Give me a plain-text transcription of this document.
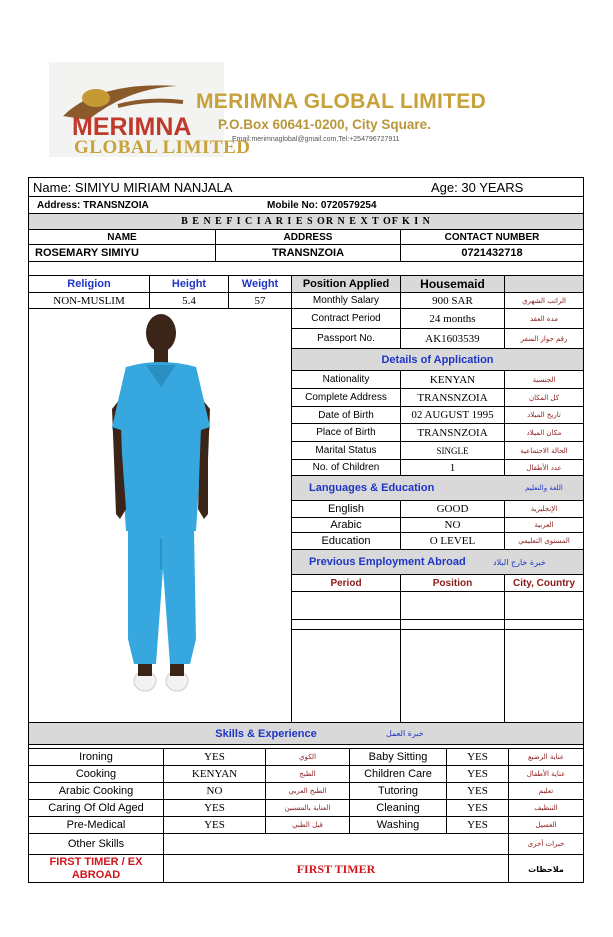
MERIMNA
GLOBAL LIMITED
MERIMNA GLOBAL LIMITED
P.O.Box 60641-0200, City Square.
Email:merimnaglobal@gmail.com,Tel:+254796727911
Name:
SIMIYU MIRIAM NANJALA	Age:
30 YEARS
Address:
TRANSNZOIA	Mobile No:
0720579254
B E N E F I C I A R I E S OR N E X T OF K I N
NAME	ADDRESS	CONTACT NUMBER
ROSEMARY SIMIYU	TRANSNZOIA	0721432718
Religion	Height	Weight	Position Applied	Housemaid
NON-MUSLIM	5.4	57	Monthly Salary	900 SAR	الراتب الشهري
Contract Period	24 months	مدة العقد
Passport No.	AK1603539	رقم جواز السفر
Details of Application
Nationality	KENYAN	الجنسية
Complete Address	TRANSNZOIA	كل المكان
Date of Birth	02 AUGUST 1995	تاريخ الميلاد
Place of Birth	TRANSNZOIA	مكان الميلاد
Marital Status	SINGLE	الحالة الاجتماعية
No. of Children	1	عدد الأطفال
Languages & Education	اللغة والتعليم
English	GOOD	الإنجليزية
Arabic	NO	العربية
Education	O LEVEL	المستوى التعليمي
Previous Employment Abroad	خبرة خارج البلاد
Period	Position	City, Country
Skills & Experience	خبرة العمل
Ironing	YES	الكوي	Baby Sitting	YES	عناية الرضيع
Cooking	KENYAN	الطبخ	Children Care	YES	عناية الأطفال
Arabic Cooking	NO	الطبخ العربي	Tutoring	YES	تعليم
Caring Of Old Aged	YES	العناية بالمسنين	Cleaning	YES	التنظيف
Pre-Medical	YES	قبل الطبي	Washing	YES	الغسيل
Other Skills	خبرات أخرى
FIRST TIMER / EX ABROAD	FIRST TIMER	ملاحظات
